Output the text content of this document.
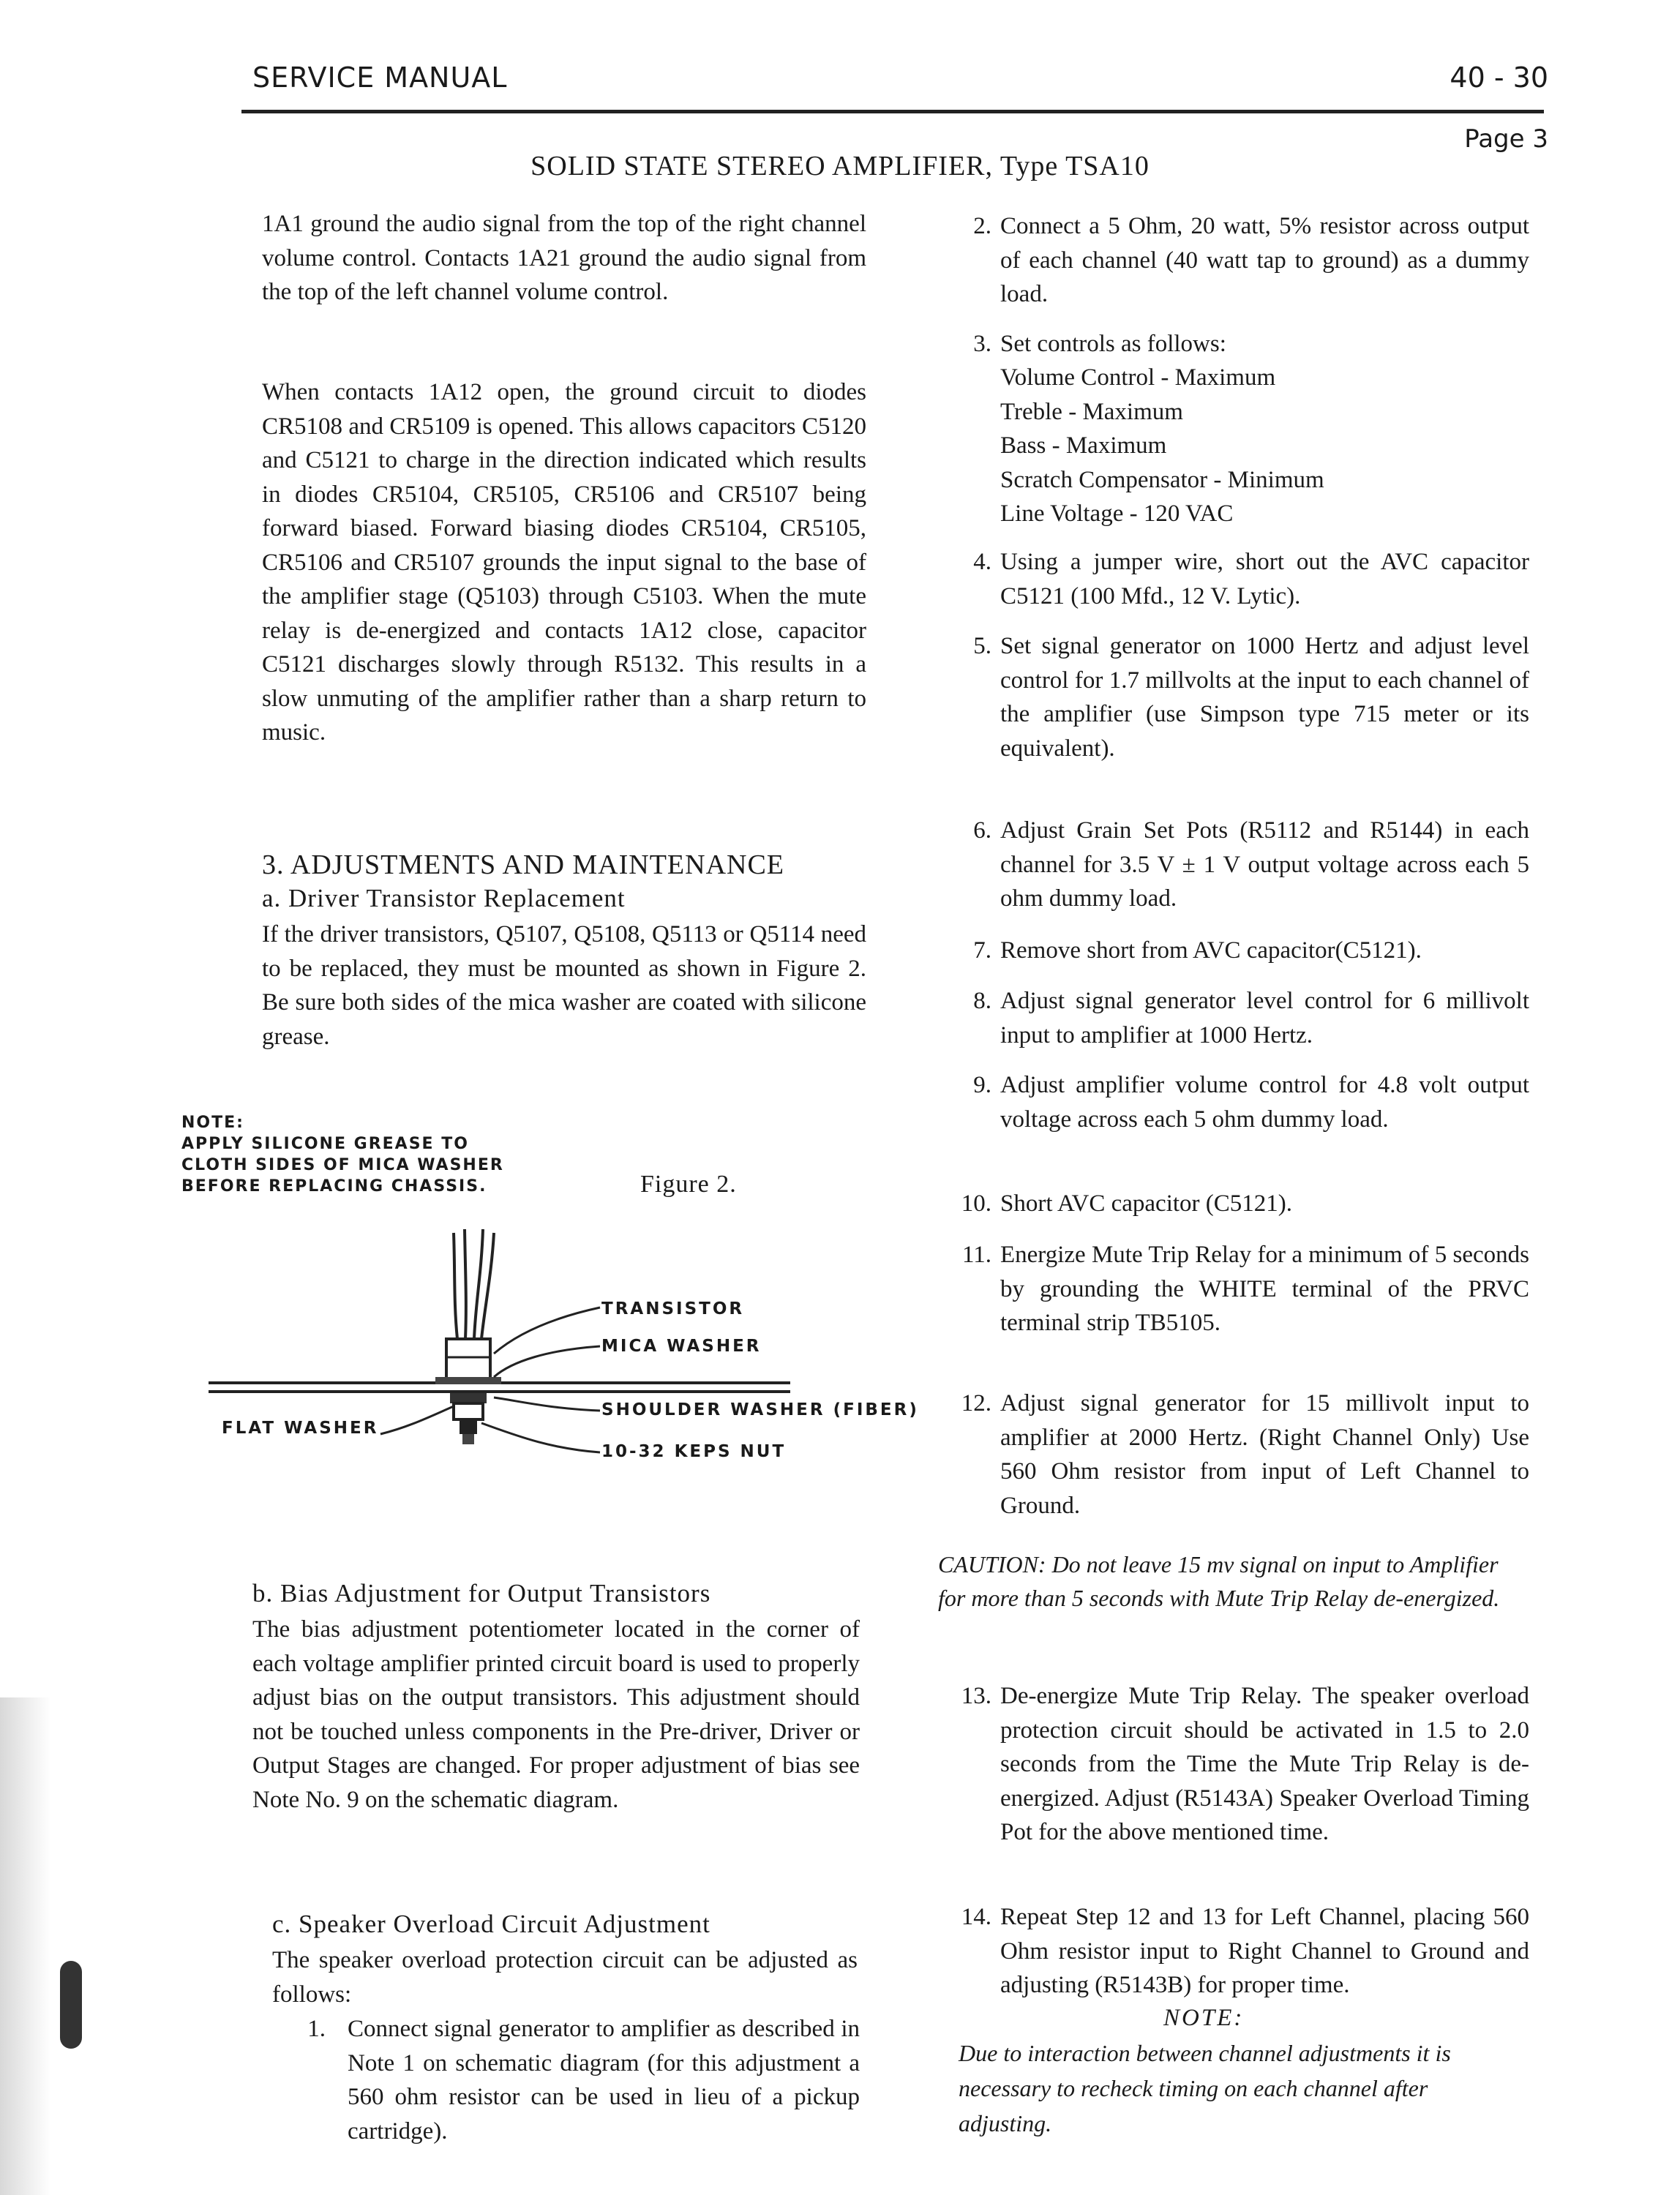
SERVICE MANUAL	40 - 30
Page 3
SOLID STATE STEREO AMPLIFIER, Type TSA10

1A1 ground the audio signal from the top of the right channel volume control. Contacts 1A21 ground the audio signal from the top of the left channel volume control.

When contacts 1A12 open, the ground circuit to diodes CR5108 and CR5109 is opened. This allows capacitors C5120 and C5121 to charge in the direction indicated which results in diodes CR5104, CR5105, CR5106 and CR5107 being forward biased. Forward biasing diodes CR5104, CR5105, CR5106 and CR5107 grounds the input signal to the base of the amplifier stage (Q5103) through C5103. When the mute relay is de-energized and contacts 1A12 close, capacitor C5121 discharges slowly through R5132. This results in a slow unmuting of the amplifier rather than a sharp return to music.
3. ADJUSTMENTS AND MAINTENANCE
a. Driver Transistor Replacement
If the driver transistors, Q5107, Q5108, Q5113 or Q5114 need to be replaced, they must be mounted as shown in Figure 2. Be sure both sides of the mica washer are coated with silicone grease.
NOTE:
APPLY SILICONE GREASE TO
CLOTH SIDES OF MICA WASHER
BEFORE REPLACING CHASSIS.	Figure 2.
TRANSISTOR
MICA WASHER
SHOULDER WASHER (FIBER)
10-32 KEPS NUT
FLAT WASHER
b. Bias Adjustment for Output Transistors
The bias adjustment potentiometer located in the corner of each voltage amplifier printed circuit board is used to properly adjust bias on the output transistors. This adjustment should not be touched unless components in the Pre-driver, Driver or Output Stages are changed. For proper adjustment of bias see Note No. 9 on the schematic diagram.
c. Speaker Overload Circuit Adjustment
The speaker overload protection circuit can be adjusted as follows:
1. Connect signal generator to amplifier as described in Note 1 on schematic diagram (for this adjustment a 560 ohm resistor can be used in lieu of a pickup cartridge).
2. Connect a 5 Ohm, 20 watt, 5% resistor across output of each channel (40 watt tap to ground) as a dummy load.
3. Set controls as follows:
Volume Control - Maximum
Treble - Maximum
Bass - Maximum
Scratch Compensator - Minimum
Line Voltage - 120 VAC
4. Using a jumper wire, short out the AVC capacitor C5121 (100 Mfd., 12 V. Lytic).
5. Set signal generator on 1000 Hertz and adjust level control for 1.7 millvolts at the input to each channel of the amplifier (use Simpson type 715 meter or its equivalent).
6. Adjust Grain Set Pots (R5112 and R5144) in each channel for 3.5 V ± 1 V output voltage across each 5 ohm dummy load.
7. Remove short from AVC capacitor(C5121).
8. Adjust signal generator level control for 6 millivolt input to amplifier at 1000 Hertz.
9. Adjust amplifier volume control for 4.8 volt output voltage across each 5 ohm dummy load.
10. Short AVC capacitor (C5121).
11. Energize Mute Trip Relay for a minimum of 5 seconds by grounding the WHITE terminal of the PRVC terminal strip TB5105.
12. Adjust signal generator for 15 millivolt input to amplifier at 2000 Hertz. (Right Channel Only) Use 560 Ohm resistor from input of Left Channel to Ground.
CAUTION: Do not leave 15 mv signal on input to Amplifier for more than 5 seconds with Mute Trip Relay de-energized.
13. De-energize Mute Trip Relay. The speaker overload protection circuit should be activated in 1.5 to 2.0 seconds from the Time the Mute Trip Relay is de-energized. Adjust (R5143A) Speaker Overload Timing Pot for the above mentioned time.
14. Repeat Step 12 and 13 for Left Channel, placing 560 Ohm resistor input to Right Channel to Ground and adjusting (R5143B) for proper time.
NOTE:
Due to interaction between channel adjustments it is necessary to recheck timing on each channel after adjusting.
